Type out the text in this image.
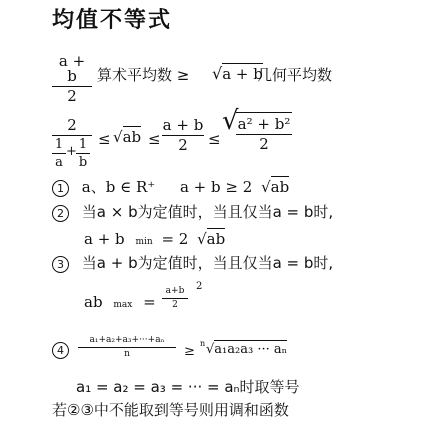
均值不等式
a + b
2
算术平均数 ≥ √a + b
几何平均数
2
1
a
+ 1
b
≤ √ab ≤
a + b
2	≤
√ a² + b²
2
1 a、b ∈ R⁺ a + b ≥ 2 √ab
2 当a × b为定值时，当且仅当a = b时,
a + b min = 2 √ab
3 当a + b为定值时，当且仅当a = b时,
ab max =
a+b
2
2
4
a₁+a₂+a₃+···+aₙ
n	≥
n √a₁a₂a₃ ··· aₙ
a₁ = a₂ = a₃ = ··· = aₙ时取等号
若②③中不能取到等号则用调和函数
